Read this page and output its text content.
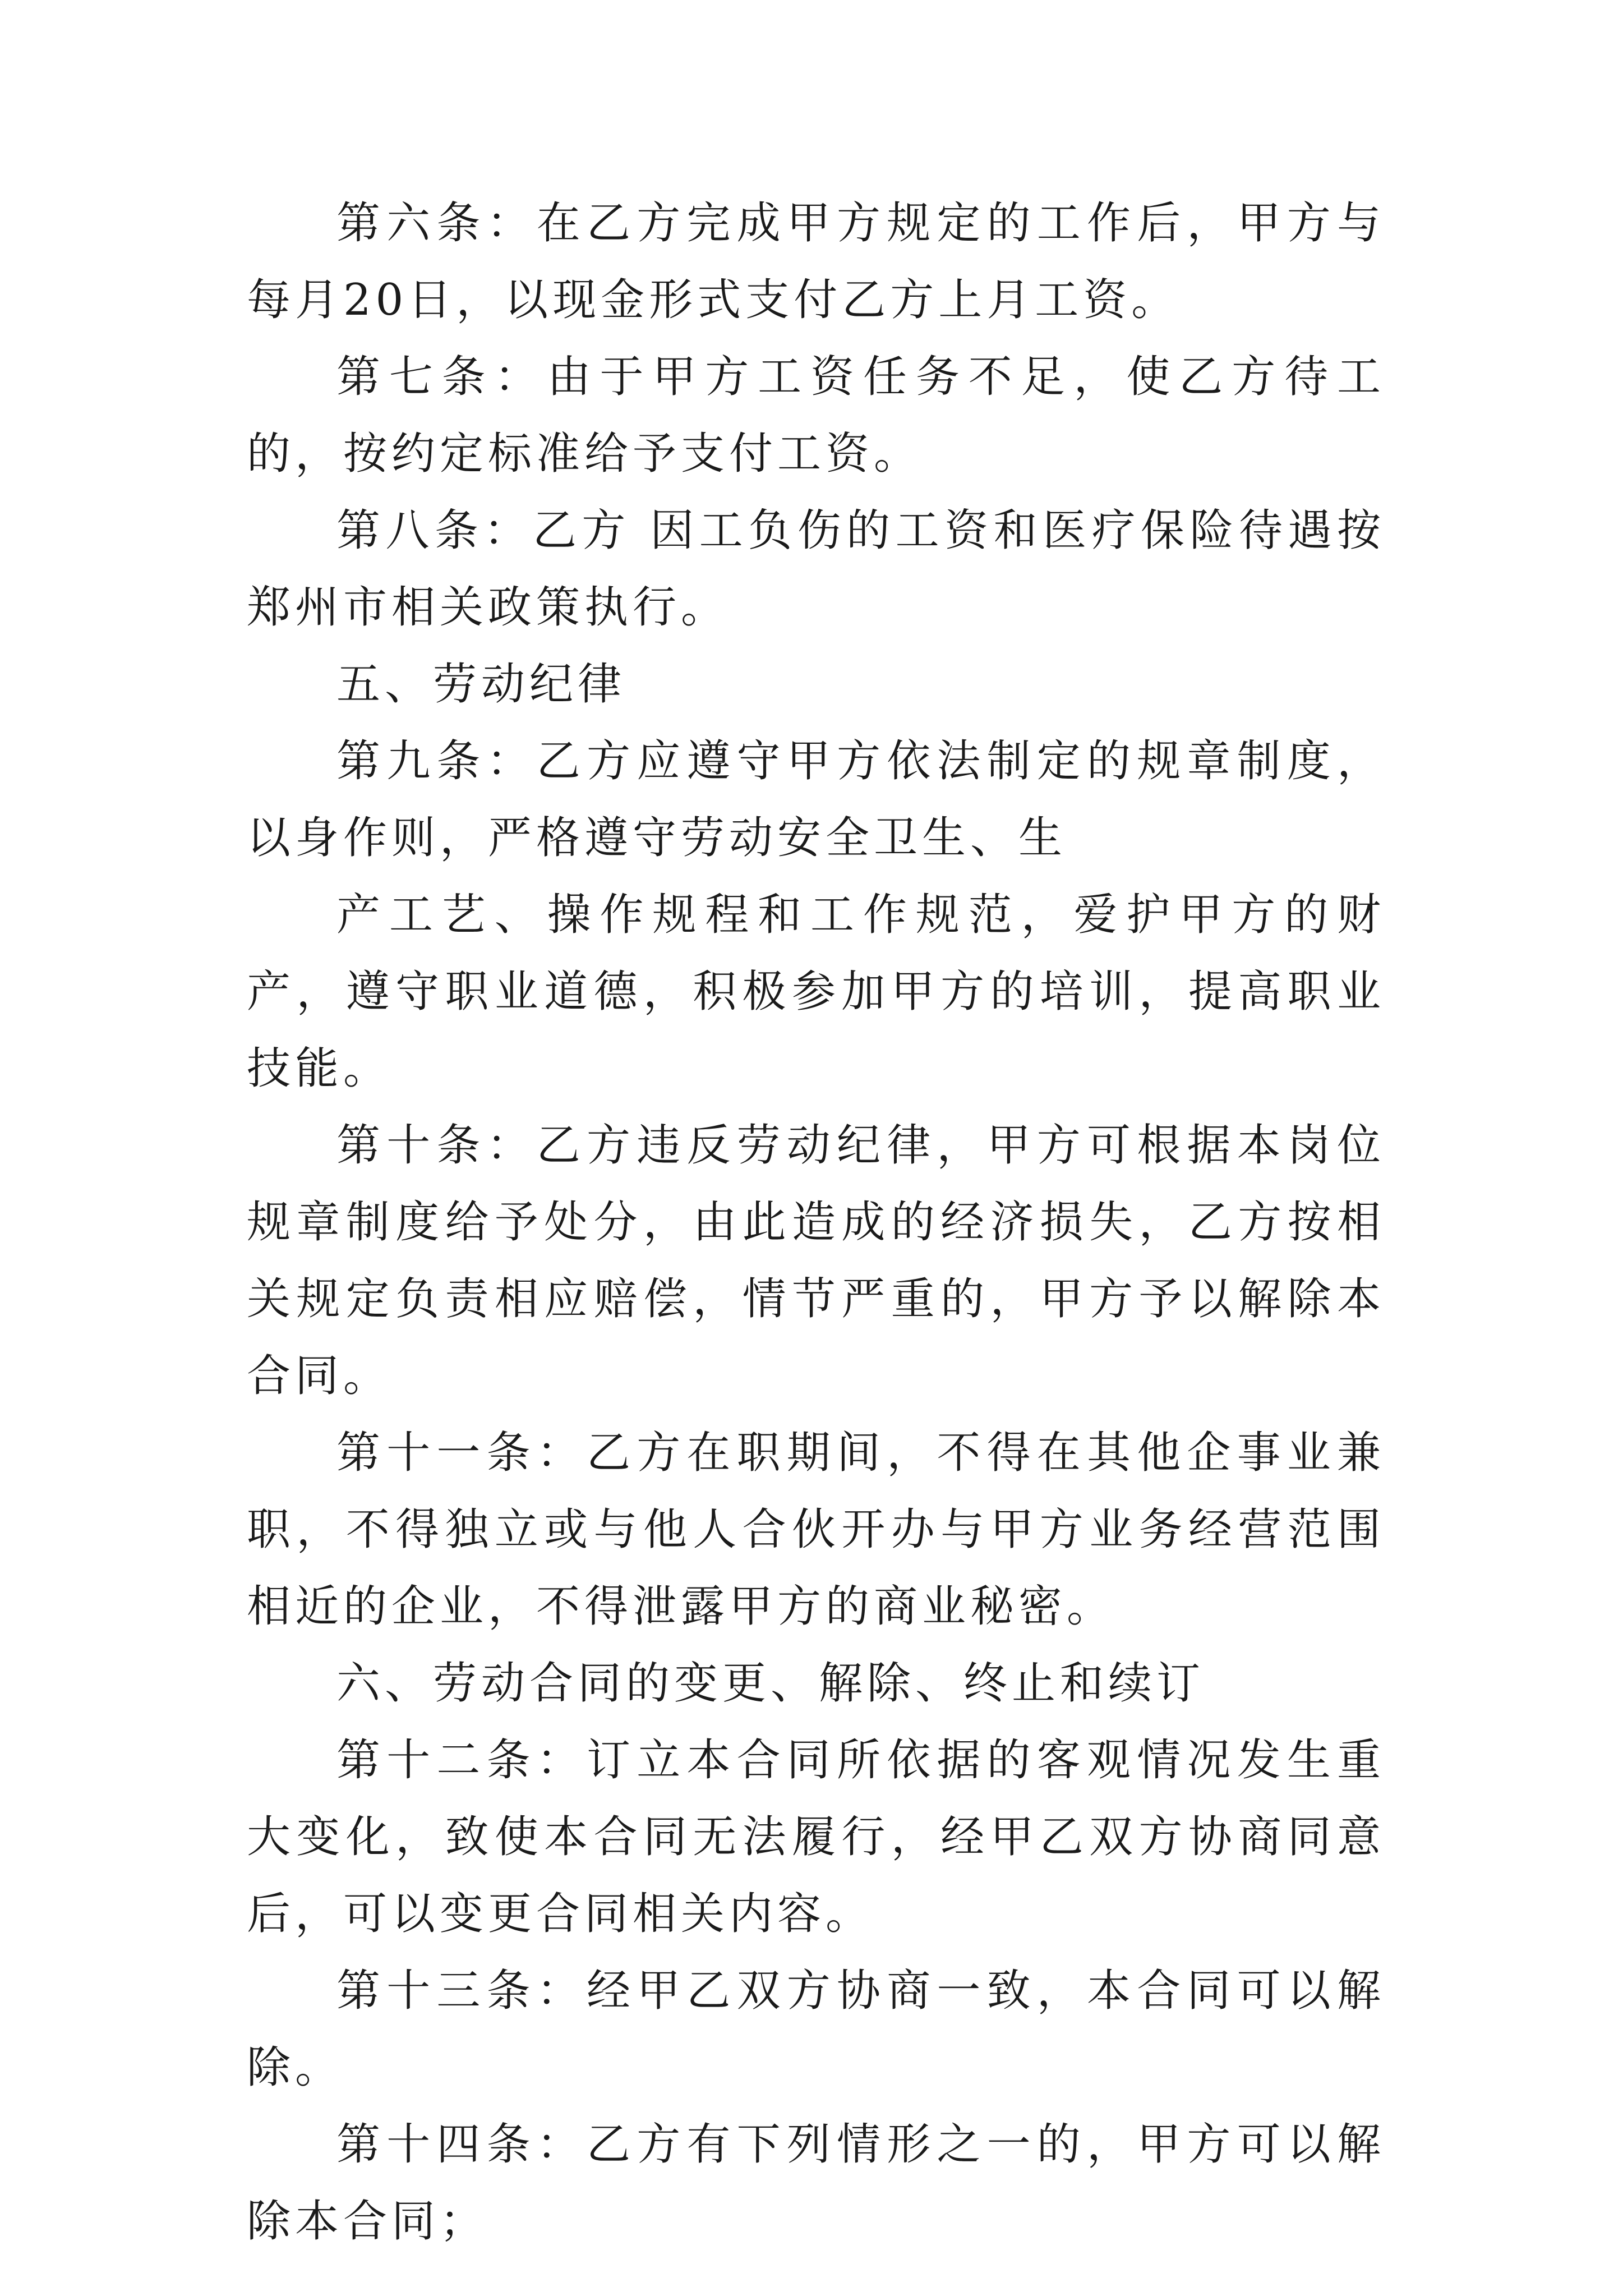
第六条：在乙方完成甲方规定的工作后，甲方与每月20日，以现金形式支付乙方上月工资。

第七条：由于甲方工资任务不足，使乙方待工的，按约定标准给予支付工资。

第八条：乙方 因工负伤的工资和医疗保险待遇按郑州市相关政策执行。

五、劳动纪律

第九条：乙方应遵守甲方依法制定的规章制度，以身作则，严格遵守劳动安全卫生、生

产工艺、操作规程和工作规范，爱护甲方的财产，遵守职业道德，积极参加甲方的培训，提高职业技能。

第十条：乙方违反劳动纪律，甲方可根据本岗位规章制度给予处分，由此造成的经济损失，乙方按相关规定负责相应赔偿，情节严重的，甲方予以解除本合同。

第十一条：乙方在职期间，不得在其他企事业兼职，不得独立或与他人合伙开办与甲方业务经营范围相近的企业，不得泄露甲方的商业秘密。

六、劳动合同的变更、解除、终止和续订

第十二条：订立本合同所依据的客观情况发生重大变化，致使本合同无法履行，经甲乙双方协商同意后，可以变更合同相关内容。

第十三条：经甲乙双方协商一致，本合同可以解除。

第十四条：乙方有下列情形之一的，甲方可以解除本合同；
